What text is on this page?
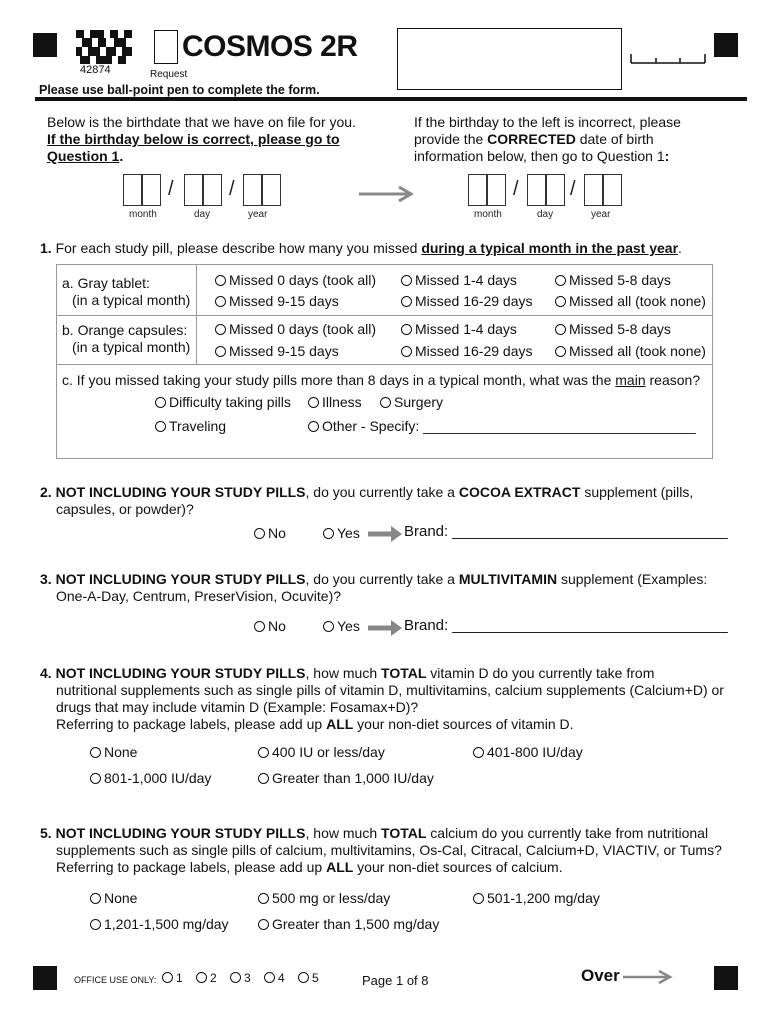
42874	Request
COSMOS 2R
Please use ball-point pen to complete the form.
Below is the birthdate that we have on file for you.
If the birthday below is correct, please go to
Question 1.
If the birthday to the left is incorrect, please
provide the CORRECTED date of birth
information below, then go to Question 1:
/	/
month	day	year
/	/
month	day	year
1. For each study pill, please describe how many you missed during a typical month in the past year.
a. Gray tablet:
(in a typical month)
Missed 0 days (took all)	Missed 1-4 days	Missed 5-8 days
Missed 9-15 days	Missed 16-29 days	Missed all (took none)
b. Orange capsules:
(in a typical month)
Missed 0 days (took all)	Missed 1-4 days	Missed 5-8 days
Missed 9-15 days	Missed 16-29 days	Missed all (took none)
c. If you missed taking your study pills more than 8 days in a typical month, what was the main reason?
Difficulty taking pills	Illness	Surgery
Traveling	Other - Specify: ___________________________________
2. NOT INCLUDING YOUR STUDY PILLS, do you currently take a COCOA EXTRACT supplement (pills,
capsules, or powder)?
No	Yes	Brand: _________________________________
3. NOT INCLUDING YOUR STUDY PILLS, do you currently take a MULTIVITAMIN supplement (Examples:
One-A-Day, Centrum, PreserVision, Ocuvite)?
No	Yes	Brand: _________________________________
4. NOT INCLUDING YOUR STUDY PILLS, how much TOTAL vitamin D do you currently take from
nutritional supplements such as single pills of vitamin D, multivitamins, calcium supplements (Calcium+D) or
drugs that may include vitamin D (Example: Fosamax+D)?
Referring to package labels, please add up ALL your non-diet sources of vitamin D.
None	400 IU or less/day	401-800 IU/day
801-1,000 IU/day	Greater than 1,000 IU/day
5. NOT INCLUDING YOUR STUDY PILLS, how much TOTAL calcium do you currently take from nutritional
supplements such as single pills of calcium, multivitamins, Os-Cal, Citracal, Calcium+D, VIACTIV, or Tums?
Referring to package labels, please add up ALL your non-diet sources of calcium.
None	500 mg or less/day	501-1,200 mg/day
1,201-1,500 mg/day	Greater than 1,500 mg/day
OFFICE USE ONLY:	1	2	3	4	5	Page 1 of 8	Over
